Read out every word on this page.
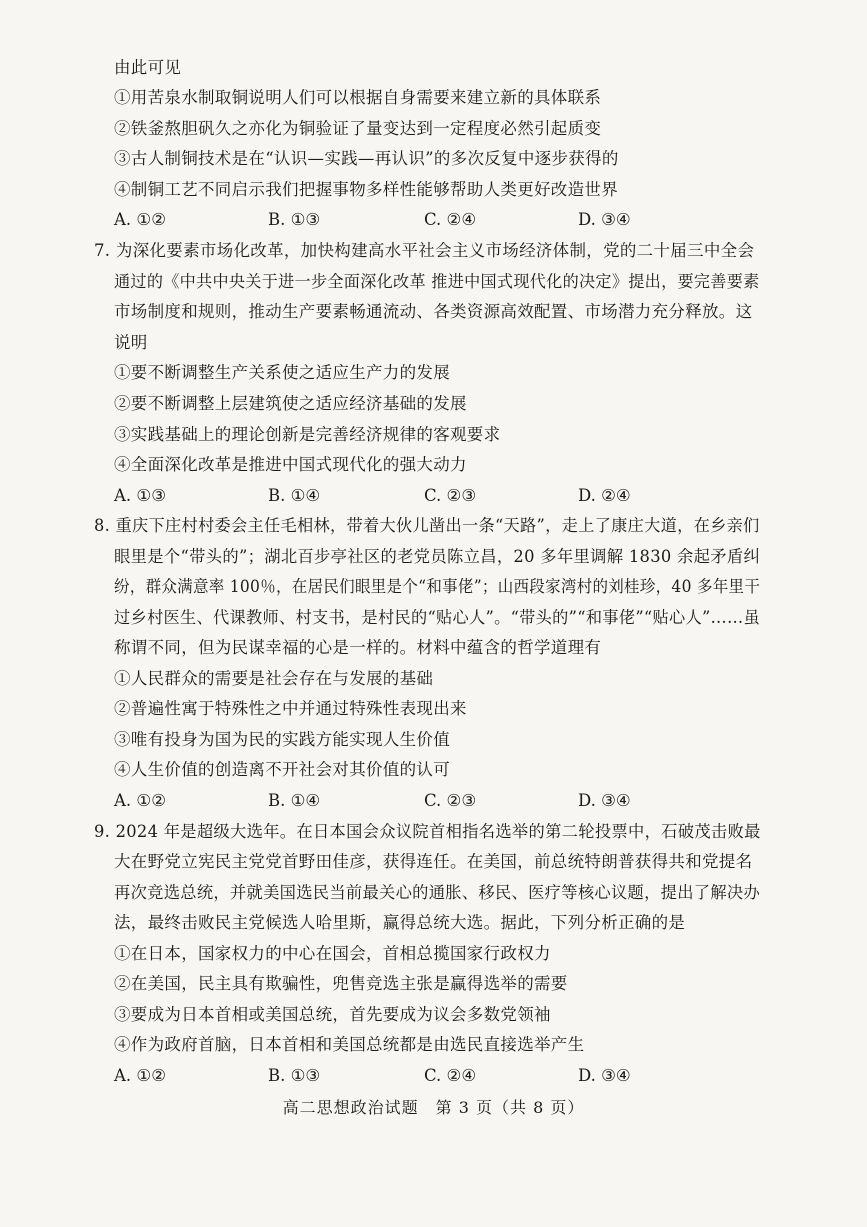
由此可见
①用苦泉水制取铜说明人们可以根据自身需要来建立新的具体联系
②铁釜熬胆矾久之亦化为铜验证了量变达到一定程度必然引起质变
③古人制铜技术是在“认识—实践—再认识”的多次反复中逐步获得的
④制铜工艺不同启示我们把握事物多样性能够帮助人类更好改造世界
A. ①②	B. ①③	C. ②④	D. ③④
7. 为深化要素市场化改革，加快构建高水平社会主义市场经济体制，党的二十届三中全会
通过的《中共中央关于进一步全面深化改革 推进中国式现代化的决定》提出，要完善要素
市场制度和规则，推动生产要素畅通流动、各类资源高效配置、市场潜力充分释放。这
说明
①要不断调整生产关系使之适应生产力的发展
②要不断调整上层建筑使之适应经济基础的发展
③实践基础上的理论创新是完善经济规律的客观要求
④全面深化改革是推进中国式现代化的强大动力
A. ①③	B. ①④	C. ②③	D. ②④
8. 重庆下庄村村委会主任毛相林，带着大伙儿凿出一条“天路”，走上了康庄大道，在乡亲们
眼里是个“带头的”；湖北百步亭社区的老党员陈立昌，20 多年里调解 1830 余起矛盾纠
纷，群众满意率 100％，在居民们眼里是个“和事佬”；山西段家湾村的刘桂珍，40 多年里干
过乡村医生、代课教师、村支书，是村民的“贴心人”。“带头的”“和事佬”“贴心人”……虽
称谓不同，但为民谋幸福的心是一样的。材料中蕴含的哲学道理有
①人民群众的需要是社会存在与发展的基础
②普遍性寓于特殊性之中并通过特殊性表现出来
③唯有投身为国为民的实践方能实现人生价值
④人生价值的创造离不开社会对其价值的认可
A. ①②	B. ①④	C. ②③	D. ③④
9. 2024 年是超级大选年。在日本国会众议院首相指名选举的第二轮投票中，石破茂击败最
大在野党立宪民主党党首野田佳彦，获得连任。在美国，前总统特朗普获得共和党提名
再次竞选总统，并就美国选民当前最关心的通胀、移民、医疗等核心议题，提出了解决办
法，最终击败民主党候选人哈里斯，赢得总统大选。据此，下列分析正确的是
①在日本，国家权力的中心在国会，首相总揽国家行政权力
②在美国，民主具有欺骗性，兜售竞选主张是赢得选举的需要
③要成为日本首相或美国总统，首先要成为议会多数党领袖
④作为政府首脑，日本首相和美国总统都是由选民直接选举产生
A. ①②	B. ①③	C. ②④	D. ③④
高二思想政治试题　第 3 页（共 8 页）
